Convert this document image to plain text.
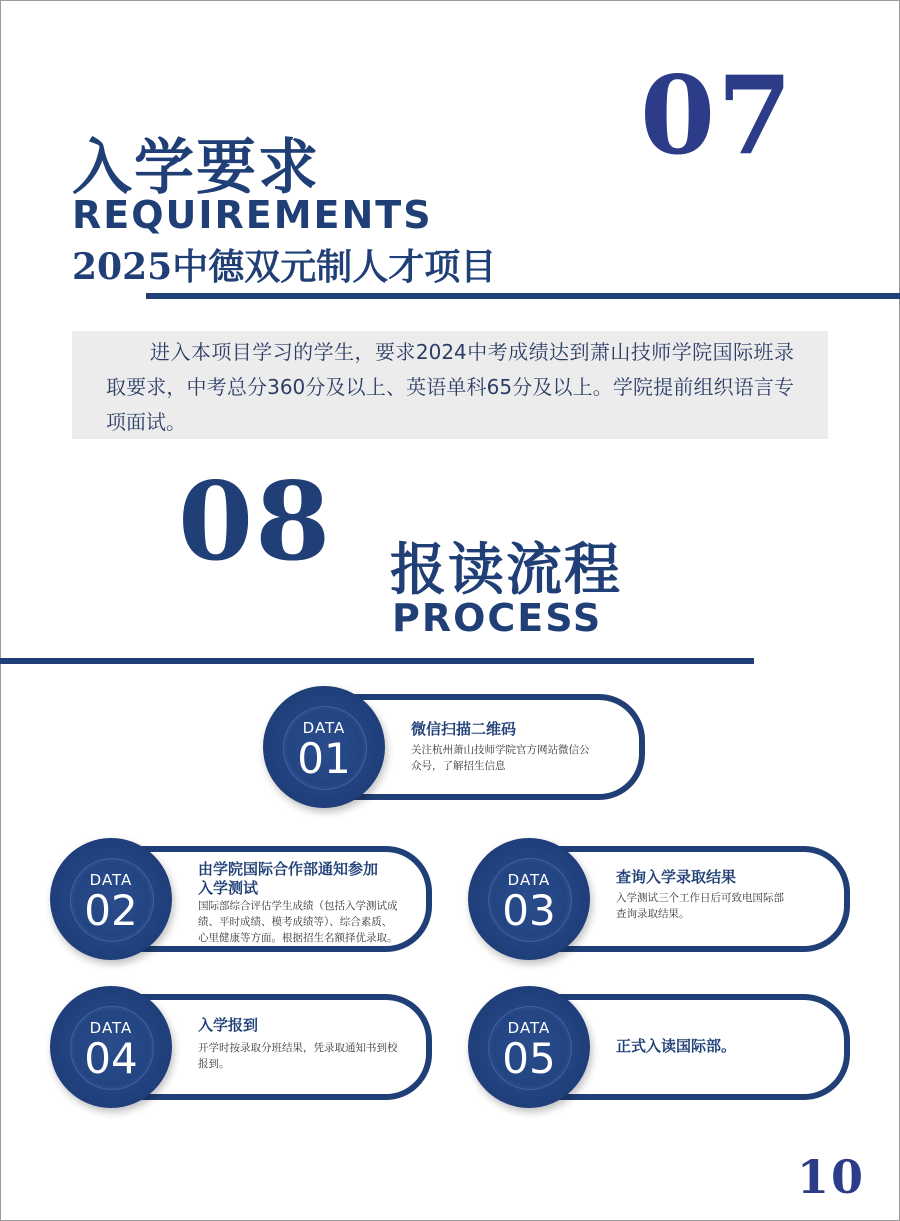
07
入学要求
REQUIREMENTS
2025中德双元制人才项目
进入本项目学习的学生，要求2024中考成绩达到萧山技师学院国际班录取要求，中考总分360分及以上、英语单科65分及以上。学院提前组织语言专项面试。
08 报读流程
PROCESS
DATA
01
微信扫描二维码
关注杭州萧山技师学院官方网站微信公众号，了解招生信息
DATA
02
由学院国际合作部通知参加入学测试
国际部综合评估学生成绩（包括入学测试成绩、平时成绩、模考成绩等）、综合素质、心里健康等方面。根据招生名额择优录取。
DATA
03
查询入学录取结果
入学测试三个工作日后可致电国际部查询录取结果。
DATA
04
入学报到
开学时按录取分班结果，凭录取通知书到校报到。
DATA
05	正式入读国际部。
10
